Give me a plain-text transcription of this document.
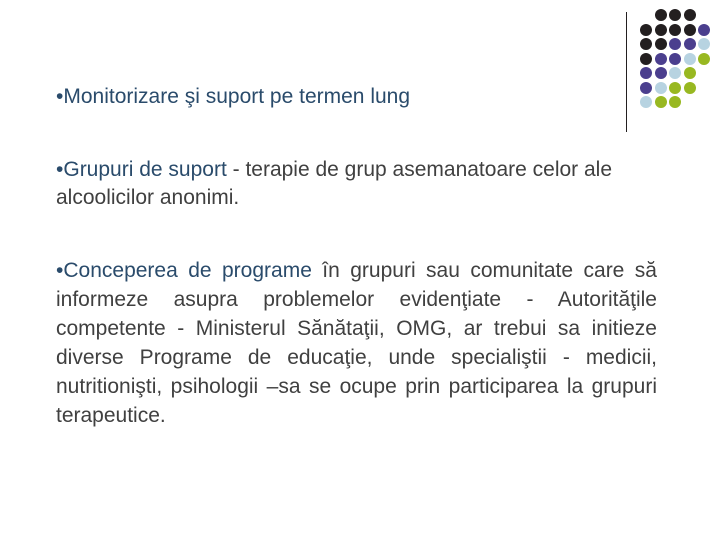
•Monitorizare şi suport pe termen lung
•Grupuri de suport - terapie de grup asemanatoare celor ale alcoolicilor anonimi.
•Conceperea de programe în grupuri sau comunitate care să informeze asupra problemelor evidenţiate - Autorităţile competente - Ministerul Sănătaţii, OMG, ar trebui sa initieze diverse Programe de educaţie, unde specialiştii - medicii, nutritionişti, psihologii –sa se ocupe prin participarea la grupuri terapeutice.
